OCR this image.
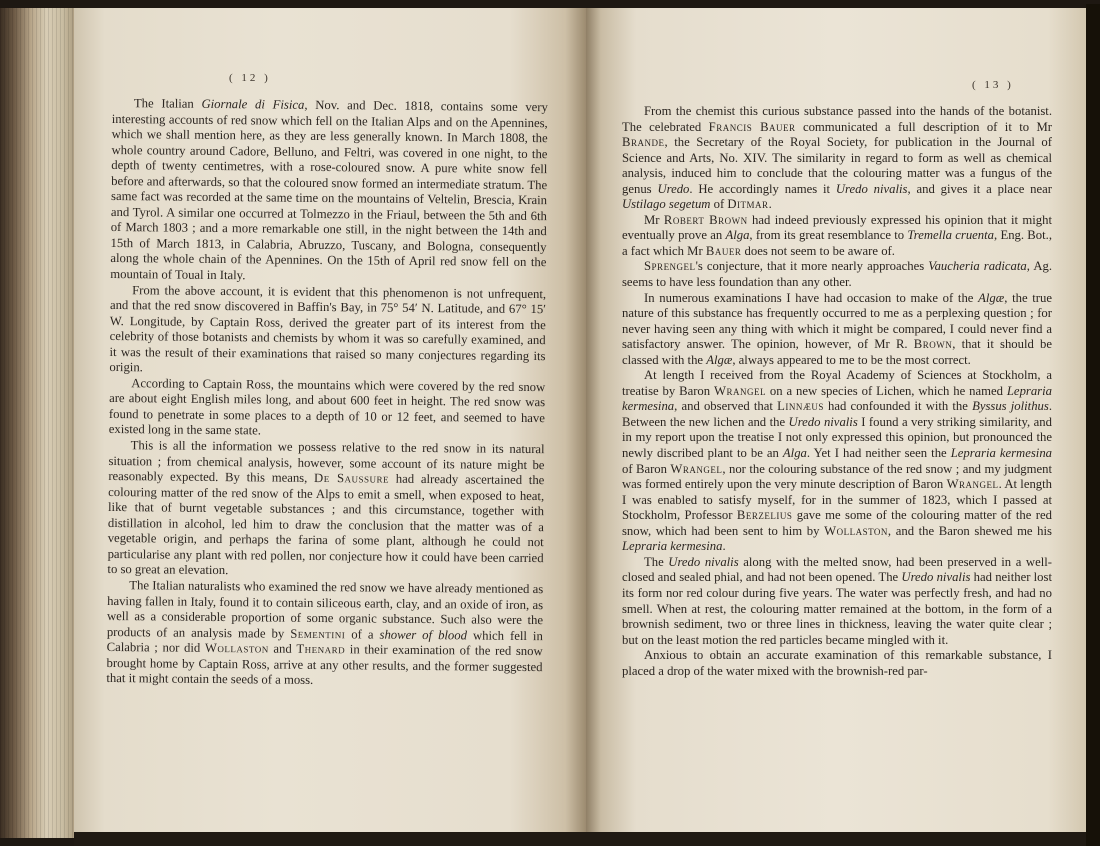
( 12 )

The Italian Giornale di Fisica, Nov. and Dec. 1818, contains some very interesting accounts of red snow which fell on the Italian Alps and on the Apennines, which we shall mention here, as they are less generally known. In March 1808, the whole country around Cadore, Belluno, and Feltri, was covered in one night, to the depth of twenty centimetres, with a rose-coloured snow. A pure white snow fell before and afterwards, so that the coloured snow formed an intermediate stratum. The same fact was recorded at the same time on the mountains of Veltelin, Brescia, Krain and Tyrol. A similar one occurred at Tolmezzo in the Friaul, between the 5th and 6th of March 1803 ; and a more remarkable one still, in the night between the 14th and 15th of March 1813, in Calabria, Abruzzo, Tuscany, and Bologna, consequently along the whole chain of the Apennines. On the 15th of April red snow fell on the mountain of Toual in Italy.

From the above account, it is evident that this phenomenon is not unfrequent, and that the red snow discovered in Baffin's Bay, in 75° 54′ N. Latitude, and 67° 15′ W. Longitude, by Captain Ross, derived the greater part of its interest from the celebrity of those botanists and chemists by whom it was so carefully examined, and it was the result of their examinations that raised so many conjectures regarding its origin.

According to Captain Ross, the mountains which were covered by the red snow are about eight English miles long, and about 600 feet in height. The red snow was found to penetrate in some places to a depth of 10 or 12 feet, and seemed to have existed long in the same state.

This is all the information we possess relative to the red snow in its natural situation ; from chemical analysis, however, some account of its nature might be reasonably expected. By this means, De Saussure had already ascertained the colouring matter of the red snow of the Alps to emit a smell, when exposed to heat, like that of burnt vegetable substances ; and this circumstance, together with distillation in alcohol, led him to draw the conclusion that the matter was of a vegetable origin, and perhaps the farina of some plant, although he could not particularise any plant with red pollen, nor conjecture how it could have been carried to so great an elevation.

The Italian naturalists who examined the red snow we have already mentioned as having fallen in Italy, found it to contain siliceous earth, clay, and an oxide of iron, as well as a considerable proportion of some organic substance. Such also were the products of an analysis made by Sementini of a shower of blood which fell in Calabria ; nor did Wollaston and Thenard in their examination of the red snow brought home by Captain Ross, arrive at any other results, and the former suggested that it might contain the seeds of a moss.

( 13 )

From the chemist this curious substance passed into the hands of the botanist. The celebrated Francis Bauer communicated a full description of it to Mr Brande, the Secretary of the Royal Society, for publication in the Journal of Science and Arts, No. XIV. The similarity in regard to form as well as chemical analysis, induced him to conclude that the colouring matter was a fungus of the genus Uredo. He accordingly names it Uredo nivalis, and gives it a place near Ustilago segetum of Ditmar.

Mr Robert Brown had indeed previously expressed his opinion that it might eventually prove an Alga, from its great resemblance to Tremella cruenta, Eng. Bot., a fact which Mr Bauer does not seem to be aware of.

Sprengel's conjecture, that it more nearly approaches Vaucheria radicata, Ag. seems to have less foundation than any other.

In numerous examinations I have had occasion to make of the Algæ, the true nature of this substance has frequently occurred to me as a perplexing question ; for never having seen any thing with which it might be compared, I could never find a satisfactory answer. The opinion, however, of Mr R. Brown, that it should be classed with the Algæ, always appeared to me to be the most correct.

At length I received from the Royal Academy of Sciences at Stockholm, a treatise by Baron Wrangel on a new species of Lichen, which he named Lepraria kermesina, and observed that Linnæus had confounded it with the Byssus jolithus. Between the new lichen and the Uredo nivalis I found a very striking similarity, and in my report upon the treatise I not only expressed this opinion, but pronounced the newly discribed plant to be an Alga. Yet I had neither seen the Lepraria kermesina of Baron Wrangel, nor the colouring substance of the red snow ; and my judgment was formed entirely upon the very minute description of Baron Wrangel. At length I was enabled to satisfy myself, for in the summer of 1823, which I passed at Stockholm, Professor Berzelius gave me some of the colouring matter of the red snow, which had been sent to him by Wollaston, and the Baron shewed me his Lepraria kermesina.

The Uredo nivalis along with the melted snow, had been preserved in a well-closed and sealed phial, and had not been opened. The Uredo nivalis had neither lost its form nor red colour during five years. The water was perfectly fresh, and had no smell. When at rest, the colouring matter remained at the bottom, in the form of a brownish sediment, two or three lines in thickness, leaving the water quite clear ; but on the least motion the red particles became mingled with it.

Anxious to obtain an accurate examination of this remarkable substance, I placed a drop of the water mixed with the brownish-red par-
